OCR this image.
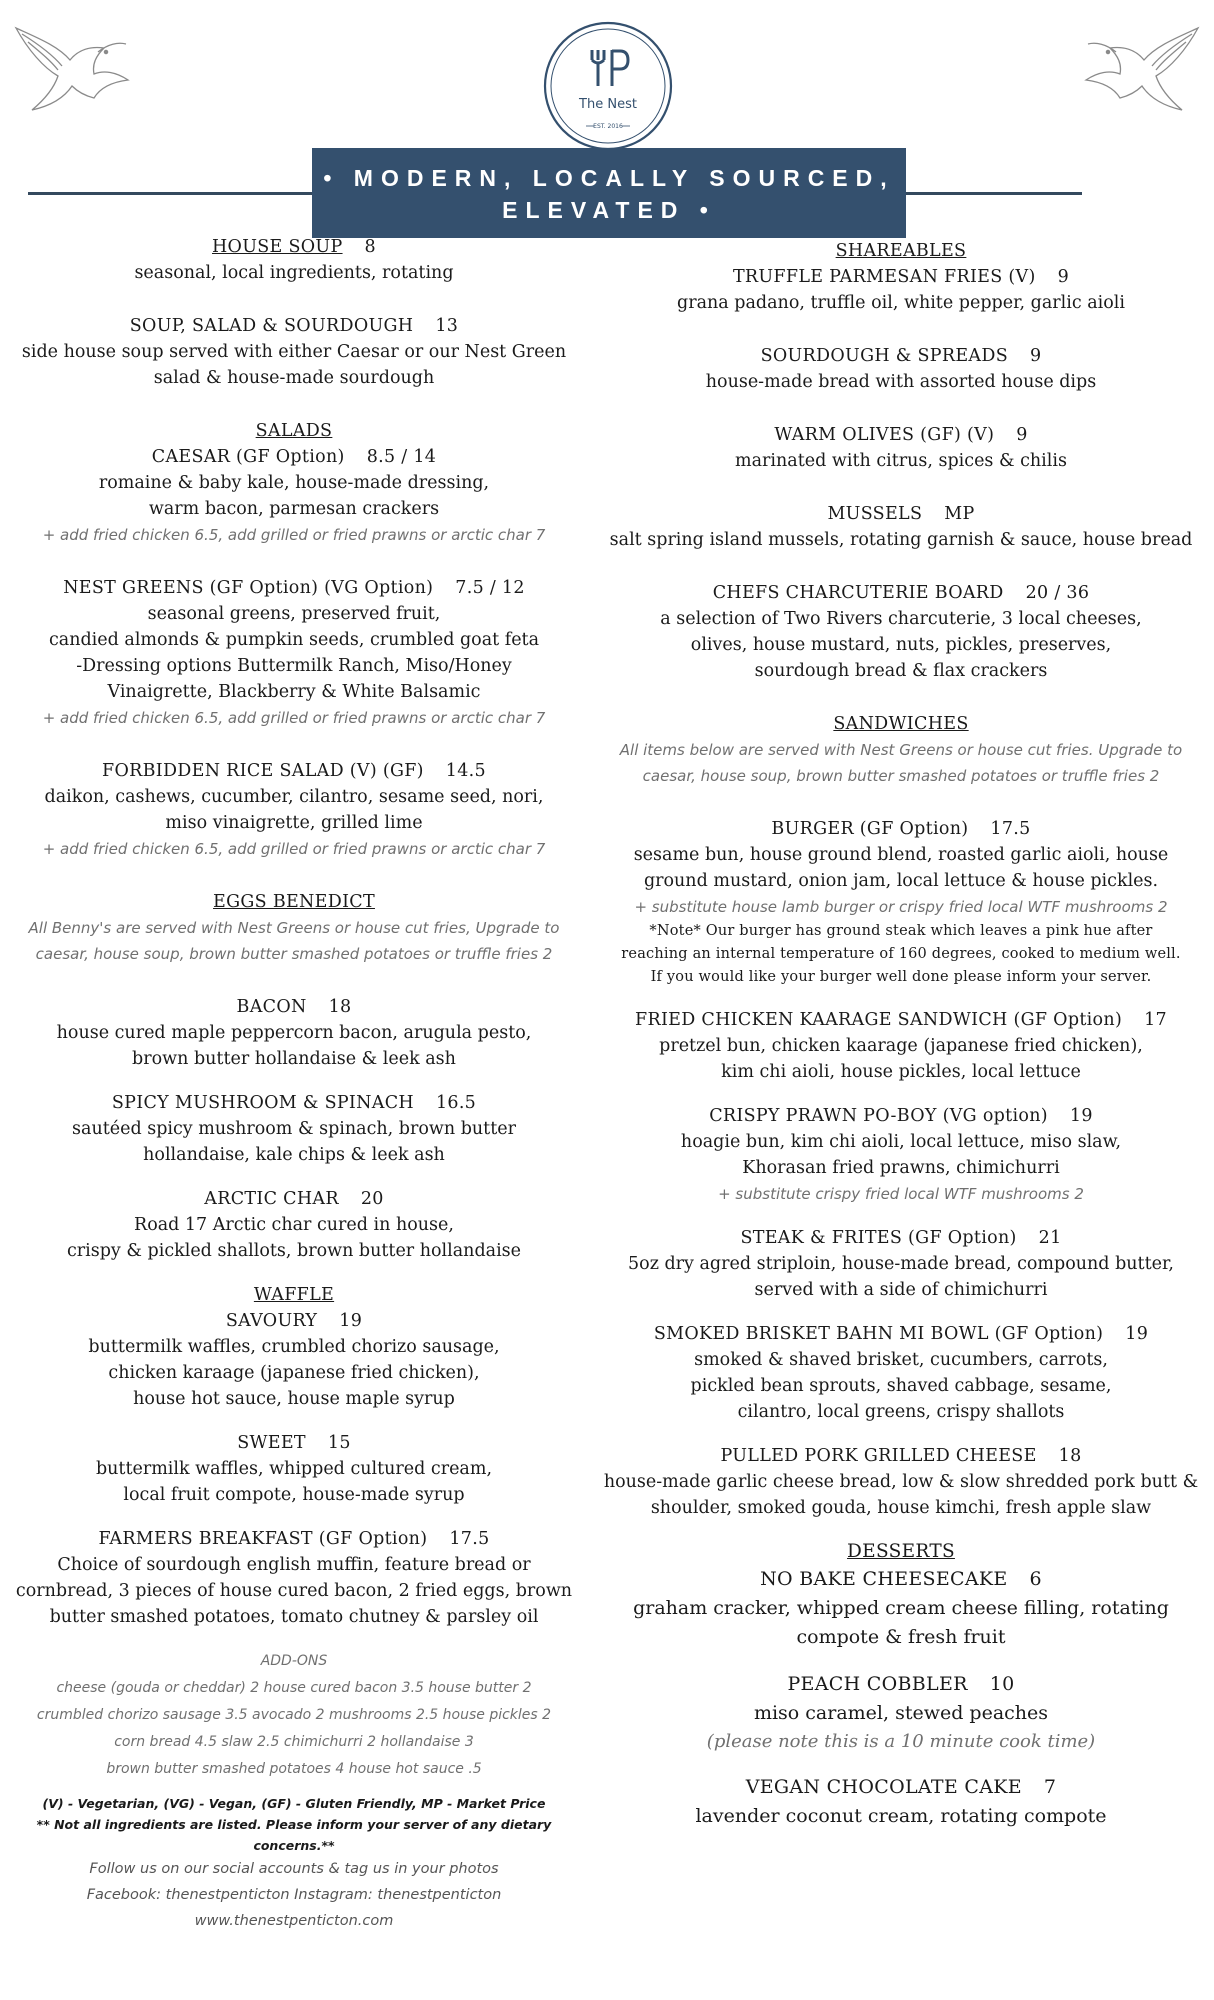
The Nest
EST. 2016
• MODERN, LOCALLY SOURCED,
ELEVATED •
HOUSE SOUP 8
seasonal, local ingredients, rotating
SOUP, SALAD & SOURDOUGH 13
side house soup served with either Caesar or our Nest Green
salad & house-made sourdough
SALADS
CAESAR (GF Option) 8.5 / 14
romaine & baby kale, house-made dressing,
warm bacon, parmesan crackers
+ add fried chicken 6.5, add grilled or fried prawns or arctic char 7
NEST GREENS (GF Option) (VG Option) 7.5 / 12
seasonal greens, preserved fruit,
candied almonds & pumpkin seeds, crumbled goat feta
-Dressing options Buttermilk Ranch, Miso/Honey
Vinaigrette, Blackberry & White Balsamic
+ add fried chicken 6.5, add grilled or fried prawns or arctic char 7
FORBIDDEN RICE SALAD (V) (GF) 14.5
daikon, cashews, cucumber, cilantro, sesame seed, nori,
miso vinaigrette, grilled lime
+ add fried chicken 6.5, add grilled or fried prawns or arctic char 7
EGGS BENEDICT
All Benny's are served with Nest Greens or house cut fries, Upgrade to
caesar, house soup, brown butter smashed potatoes or truffle fries 2
BACON 18
house cured maple peppercorn bacon, arugula pesto,
brown butter hollandaise & leek ash
SPICY MUSHROOM & SPINACH 16.5
sautéed spicy mushroom & spinach, brown butter
hollandaise, kale chips & leek ash
ARCTIC CHAR 20
Road 17 Arctic char cured in house,
crispy & pickled shallots, brown butter hollandaise
WAFFLE
SAVOURY 19
buttermilk waffles, crumbled chorizo sausage,
chicken karaage (japanese fried chicken),
house hot sauce, house maple syrup
SWEET 15
buttermilk waffles, whipped cultured cream,
local fruit compote, house-made syrup
FARMERS BREAKFAST (GF Option) 17.5
Choice of sourdough english muffin, feature bread or
cornbread, 3 pieces of house cured bacon, 2 fried eggs, brown
butter smashed potatoes, tomato chutney & parsley oil
ADD-ONS
cheese (gouda or cheddar) 2 house cured bacon 3.5 house butter 2
crumbled chorizo sausage 3.5 avocado 2 mushrooms 2.5 house pickles 2
corn bread 4.5 slaw 2.5 chimichurri 2 hollandaise 3
brown butter smashed potatoes 4 house hot sauce .5
(V) - Vegetarian, (VG) - Vegan, (GF) - Gluten Friendly, MP - Market Price
** Not all ingredients are listed. Please inform your server of any dietary concerns.**
Follow us on our social accounts & tag us in your photos
Facebook: thenestpenticton Instagram: thenestpenticton www.thenestpenticton.com
SHAREABLES
TRUFFLE PARMESAN FRIES (V) 9
grana padano, truffle oil, white pepper, garlic aioli
SOURDOUGH & SPREADS 9
house-made bread with assorted house dips
WARM OLIVES (GF) (V) 9
marinated with citrus, spices & chilis
MUSSELS MP
salt spring island mussels, rotating garnish & sauce, house bread
CHEFS CHARCUTERIE BOARD 20 / 36
a selection of Two Rivers charcuterie, 3 local cheeses,
olives, house mustard, nuts, pickles, preserves,
sourdough bread & flax crackers
SANDWICHES
All items below are served with Nest Greens or house cut fries. Upgrade to
caesar, house soup, brown butter smashed potatoes or truffle fries 2
BURGER (GF Option) 17.5
sesame bun, house ground blend, roasted garlic aioli, house
ground mustard, onion jam, local lettuce & house pickles.
+ substitute house lamb burger or crispy fried local WTF mushrooms 2
*Note* Our burger has ground steak which leaves a pink hue after
reaching an internal temperature of 160 degrees, cooked to medium well.
If you would like your burger well done please inform your server.
FRIED CHICKEN KAARAGE SANDWICH (GF Option) 17
pretzel bun, chicken kaarage (japanese fried chicken),
kim chi aioli, house pickles, local lettuce
CRISPY PRAWN PO-BOY (VG option) 19
hoagie bun, kim chi aioli, local lettuce, miso slaw,
Khorasan fried prawns, chimichurri
+ substitute crispy fried local WTF mushrooms 2
STEAK & FRITES (GF Option) 21
5oz dry agred striploin, house-made bread, compound butter,
served with a side of chimichurri
SMOKED BRISKET BAHN MI BOWL (GF Option) 19
smoked & shaved brisket, cucumbers, carrots,
pickled bean sprouts, shaved cabbage, sesame,
cilantro, local greens, crispy shallots
PULLED PORK GRILLED CHEESE 18
house-made garlic cheese bread, low & slow shredded pork butt &
shoulder, smoked gouda, house kimchi, fresh apple slaw
DESSERTS
NO BAKE CHEESECAKE 6
graham cracker, whipped cream cheese filling, rotating
compote & fresh fruit
PEACH COBBLER 10
miso caramel, stewed peaches
(please note this is a 10 minute cook time)
VEGAN CHOCOLATE CAKE 7
lavender coconut cream, rotating compote
